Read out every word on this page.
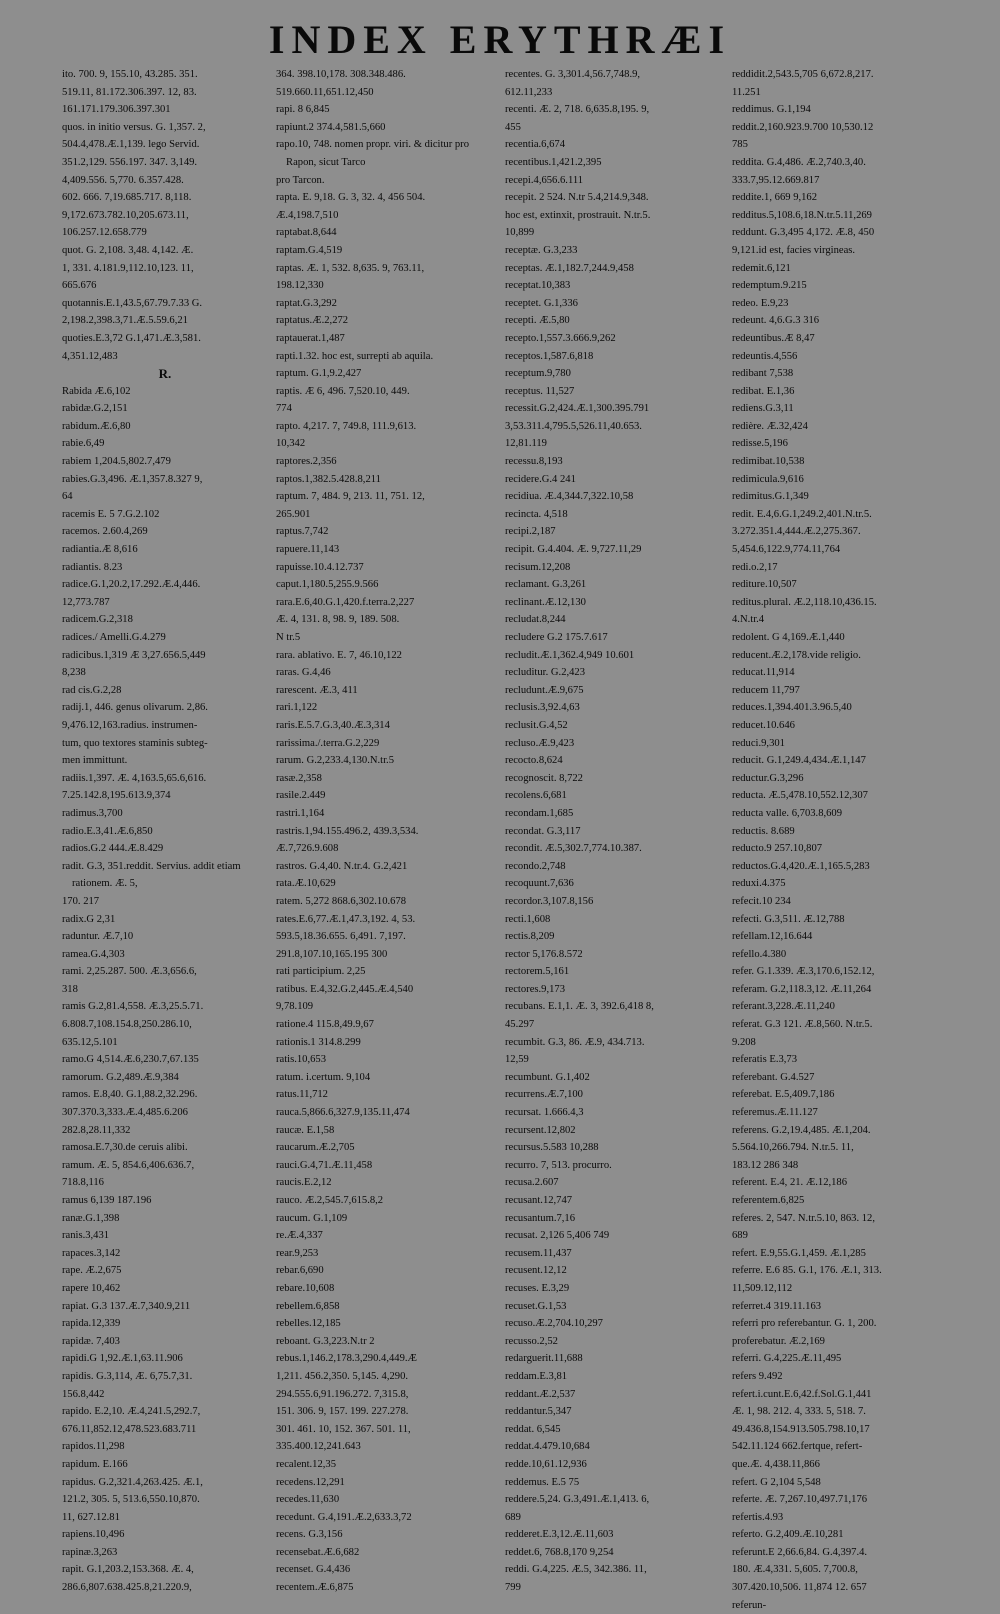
INDEX ERYTHRÆI

ito. 700. 9, 155.10, 43.285. 351.

519.11, 81.172.306.397. 12, 83.

161.171.179.306.397.301

quos. in initio versus. G. 1,357. 2,

504.4,478.Æ.1,139. lego Servid.

351.2,129. 556.197. 347. 3,149.

4,409.556. 5,770. 6.357.428.

602. 666. 7,19.685.717. 8,118.

9,172.673.782.10,205.673.11,

106.257.12.658.779

quot. G. 2,108. 3,48. 4,142. Æ.

1, 331. 4.181.9,112.10,123. 11,

665.676

quotannis.E.1,43.5,67.79.7.33 G.

2,198.2,398.3,71.Æ.5.59.6,21

quoties.E.3,72 G.1,471.Æ.3,581.

4,351.12,483

R.

Rabida Æ.6,102

rabidæ.G.2,151

rabidum.Æ.6,80

rabie.6,49

rabiem 1,204.5,802.7,479

rabies.G.3,496. Æ.1,357.8.327 9,

64

racemis E. 5 7.G.2.102

racemos. 2.60.4,269

radiantia.Æ 8,616

radiantis. 8.23

radice.G.1,20.2,17.292.Æ.4,446.

12,773.787

radicem.G.2,318

radices./ Amelli.G.4.279

radicibus.1,319 Æ 3,27.656.5,449

8,238

rad cis.G.2,28

radij.1, 446. genus olivarum. 2,86.

9,476.12,163.radius. instrumen-

tum, quo textores staminis subteg-

men immittunt.

radiis.1,397. Æ. 4,163.5,65.6,616.

7.25.142.8,195.613.9,374

radimus.3,700

radio.E.3,41.Æ.6,850

radios.G.2 444.Æ.8.429

radit. G.3, 351.reddit. Servius. addit etiam rationem. Æ. 5,

170. 217

radix.G 2,31

raduntur. Æ.7,10

ramea.G.4,303

rami. 2,25.287. 500. Æ.3,656.6,

318

ramis G.2,81.4,558. Æ.3,25.5.71.

6.808.7,108.154.8,250.286.10,

635.12,5.101

ramo.G 4,514.Æ.6,230.7,67.135

ramorum. G.2,489.Æ.9,384

ramos. E.8,40. G.1,88.2,32.296.

307.370.3,333.Æ.4,485.6.206

282.8,28.11,332

ramosa.E.7,30.de ceruis alibi.

ramum. Æ. 5, 854.6,406.636.7,

718.8,116

ramus 6,139 187.196

ranæ.G.1,398

ranis.3,431

rapaces.3,142

rape. Æ.2,675

rapere 10,462

rapiat. G.3 137.Æ.7,340.9,211

rapida.12,339

rapidæ. 7,403

rapidi.G 1,92.Æ.1,63.11.906

rapidis. G.3,114, Æ. 6,75.7,31.

156.8,442

rapido. E.2,10. Æ.4,241.5,292.7,

676.11,852.12,478.523.683.711

rapidos.11,298

rapidum. E.166

rapidus. G.2,321.4,263.425. Æ.1,

121.2, 305. 5, 513.6,550.10,870.

11, 627.12.81

rapiens.10,496

rapinæ.3,263

rapit. G.1,203.2,153.368. Æ. 4,

286.6,807.638.425.8,21.220.9,

364. 398.10,178. 308.348.486.

519.660.11,651.12,450

rapi. 8 6,845

rapiunt.2 374.4,581.5,660

rapo.10, 748. nomen propr. viri. & dicitur pro Rapon, sicut Tarco

pro Tarcon.

rapta. E. 9,18. G. 3, 32. 4, 456 504.

Æ.4,198.7,510

raptabat.8,644

raptam.G.4,519

raptas. Æ. 1, 532. 8,635. 9, 763.11,

198.12,330

raptat.G.3,292

raptatus.Æ.2,272

raptauerat.1,487

rapti.1.32. hoc est, surrepti ab aquila.

raptum. G.1,9.2,427

raptis. Æ 6, 496. 7,520.10, 449.

774

rapto. 4,217. 7, 749.8, 111.9,613.

10,342

raptores.2,356

raptos.1,382.5.428.8,211

raptum. 7, 484. 9, 213. 11, 751. 12,

265.901

raptus.7,742

rapuere.11,143

rapuisse.10.4.12.737

caput.1,180.5,255.9.566

rara.E.6,40.G.1,420.f.terra.2,227

Æ. 4, 131. 8, 98. 9, 189. 508.

N tr.5

rara. ablativo. E. 7, 46.10,122

raras. G.4,46

rarescent. Æ.3, 411

rari.1,122

raris.E.5.7.G.3,40.Æ.3,314

rarissima./.terra.G.2,229

rarum. G.2,233.4,130.N.tr.5

rasæ.2,358

rasile.2.449

rastri.1,164

rastris.1,94.155.496.2, 439.3,534.

Æ.7,726.9.608

rastros. G.4,40. N.tr.4. G.2,421

rata.Æ.10,629

ratem. 5,272 868.6,302.10.678

rates.E.6,77.Æ.1,47.3,192. 4, 53.

593.5,18.36.655. 6,491. 7,197.

291.8,107.10,165.195 300

rati participium. 2,25

ratibus. E.4,32.G.2,445.Æ.4,540

9,78.109

ratione.4 115.8,49.9,67

rationis.1 314.8.299

ratis.10,653

ratum. i.certum. 9,104

ratus.11,712

rauca.5,866.6,327.9,135.11,474

raucæ. E.1,58

raucarum.Æ.2,705

rauci.G.4,71.Æ.11,458

raucis.E.2,12

rauco. Æ.2,545.7,615.8,2

raucum. G.1,109

re.Æ.4,337

rear.9,253

rebar.6,690

rebare.10,608

rebellem.6,858

rebelles.12,185

reboant. G.3,223.N.tr 2

rebus.1,146.2,178.3,290.4,449.Æ

1,211. 456.2,350. 5,145. 4,290.

294.555.6,91.196.272. 7,315.8,

151. 306. 9, 157. 199. 227.278.

301. 461. 10, 152. 367. 501. 11,

335.400.12,241.643

recalent.12,35

recedens.12,291

recedes.11,630

recedunt. G.4,191.Æ.2,633.3,72

recens. G.3,156

recensebat.Æ.6,682

recenset. G.4,436

recentem.Æ.6,875

recentes. G. 3,301.4,56.7,748.9,

612.11,233

recenti. Æ. 2, 718. 6,635.8,195. 9,

455

recentia.6,674

recentibus.1,421.2,395

recepi.4,656.6.111

recepit. 2 524. N.tr 5.4,214.9,348.

hoc est, extinxit, prostrauit. N.tr.5.

10,899

receptæ. G.3,233

receptas. Æ.1,182.7,244.9,458

receptat.10,383

receptet. G.1,336

recepti. Æ.5,80

recepto.1,557.3.666.9,262

receptos.1,587.6,818

receptum.9,780

receptus. 11,527

recessit.G.2,424.Æ.1,300.395.791

3,53.311.4,795.5,526.11,40.653.

12,81.119

recessu.8,193

recidere.G.4 241

recidiua. Æ.4,344.7,322.10,58

recincta. 4,518

recipi.2,187

recipit. G.4.404. Æ. 9,727.11,29

recisum.12,208

reclamant. G.3,261

reclinant.Æ.12,130

recludat.8,244

recludere G.2 175.7.617

recludit.Æ.1,362.4,949 10.601

recluditur. G.2,423

recludunt.Æ.9,675

reclusis.3,92.4,63

reclusit.G.4,52

recluso.Æ.9,423

recocto.8,624

recognoscit. 8,722

recolens.6,681

recondam.1,685

recondat. G.3,117

recondit. Æ.5,302.7,774.10.387.

recondo.2,748

recoquunt.7,636

recordor.3,107.8,156

recti.1,608

rectis.8,209

rector 5,176.8.572

rectorem.5,161

rectores.9,173

recubans. E.1,1. Æ. 3, 392.6,418 8,

45.297

recumbit. G.3, 86. Æ.9, 434.713.

12,59

recumbunt. G.1,402

recurrens.Æ.7,100

recursat. 1.666.4,3

recursent.12,802

recursus.5.583 10,288

recurro. 7, 513. procurro.

recusa.2.607

recusant.12,747

recusantum.7,16

recusat. 2,126 5,406 749

recusem.11,437

recusent.12,12

recuses. E.3,29

recuset.G.1,53

recuso.Æ.2,704.10,297

recusso.2,52

redarguerit.11,688

reddam.E.3,81

reddant.Æ.2,537

reddantur.5,347

reddat. 6,545

reddat.4.479.10,684

redde.10,61.12,936

reddemus. E.5 75

reddere.5,24. G.3,491.Æ.1,413. 6,

689

redderet.E.3,12.Æ.11,603

reddet.6, 768.8,170 9,254

reddi. G.4,225. Æ.5, 342.386. 11,

799

reddidit.2,543.5,705 6,672.8,217.

11.251

reddimus. G.1,194

reddit.2,160.923.9.700 10,530.12

785

reddita. G.4,486. Æ.2,740.3,40.

333.7,95.12.669.817

reddite.1, 669 9,162

redditus.5,108.6,18.N.tr.5.11,269

reddunt. G.3,495 4,172. Æ.8, 450

9,121.id est, facies virgineas.

redemit.6,121

redemptum.9.215

redeo. E.9,23

redeunt. 4,6.G.3 316

redeuntibus.Æ 8,47

redeuntis.4,556

redibant 7,538

redibat. E.1,36

rediens.G.3,11

redière. Æ.32,424

redisse.5,196

redimibat.10,538

redimicula.9,616

redimitus.G.1,349

redit. E.4,6.G.1,249.2,401.N.tr.5.

3.272.351.4,444.Æ.2,275.367.

5,454.6,122.9,774.11,764

redi.o.2,17

rediture.10,507

reditus.plural. Æ.2,118.10,436.15.

4.N.tr.4

redolent. G 4,169.Æ.1,440

reducent.Æ.2,178.vide religio.

reducat.11,914

reducem 11,797

reduces.1,394.401.3.96.5,40

reducet.10.646

reduci.9,301

reducit. G.1,249.4,434.Æ.1,147

reductur.G.3,296

reducta. Æ.5,478.10,552.12,307

reducta valle. 6,703.8,609

reductis. 8.689

reducto.9 257.10,807

reductos.G.4,420.Æ.1,165.5,283

reduxi.4.375

refecit.10 234

refecti. G.3,511. Æ.12,788

refellam.12,16.644

refello.4.380

refer. G.1.339. Æ.3,170.6,152.12,

referam. G.2,118.3,12. Æ.11,264

referant.3,228.Æ.11,240

referat. G.3 121. Æ.8,560. N.tr.5.

9.208

referatis E.3,73

referebant. G.4.527

referebat. E.5,409.7,186

referemus.Æ.11.127

referens. G.2,19.4,485. Æ.1,204.

5.564.10,266.794. N.tr.5. 11,

183.12 286 348

referent. E.4, 21. Æ.12,186

referentem.6,825

referes. 2, 547. N.tr.5.10, 863. 12,

689

refert. E.9,55.G.1,459. Æ.1,285

referre. E.6 85. G.1, 176. Æ.1, 313.

11,509.12,112

referret.4 319.11.163

referri pro referebantur. G. 1, 200.

proferebatur. Æ.2,169

referri. G.4,225.Æ.11,495

refers 9.492

refert.i.cunt.E.6,42.f.Sol.G.1,441

Æ. 1, 98. 212. 4, 333. 5, 518. 7.

49.436.8,154.913.505.798.10,17

542.11.124 662.fertque, refert-

que.Æ. 4,438.11,866

refert. G 2,104 5,548

referte. Æ. 7,267.10,497.71,176

refertis.4.93

referto. G.2,409.Æ.10,281

referunt.E 2,66.6,84. G.4,397.4.

180. Æ.4,331. 5,605. 7,700.8,

307.420.10,506. 11,874 12. 657

referun-
